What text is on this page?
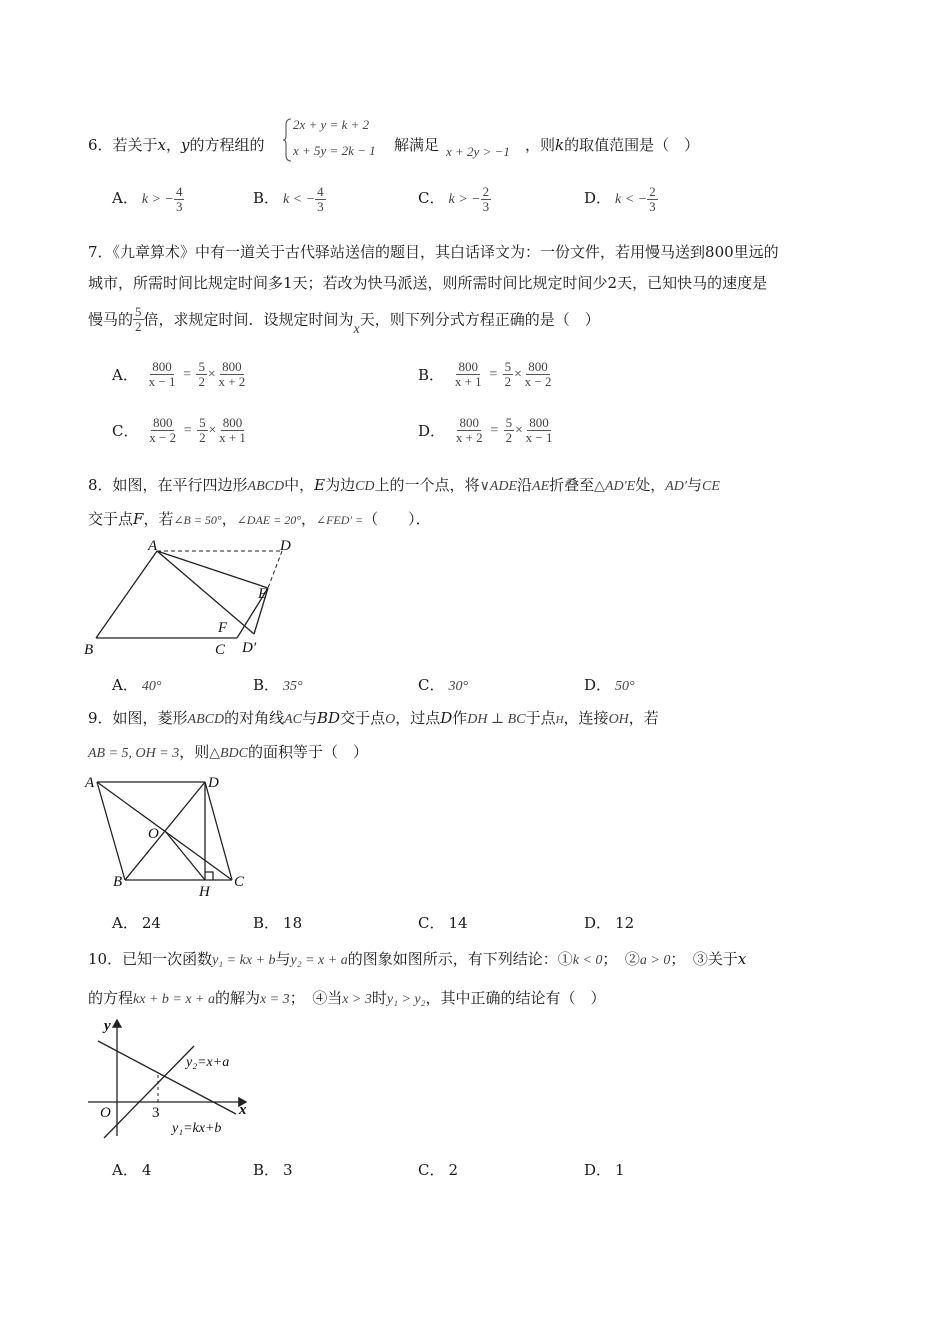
6．若关于x，y的方程组的
2x + y = k + 2
x + 5y = 2k − 1 解满足 x + 2y > −1 ，则k的取值范围是（　）
A． k > − $\frac{4}{3}$	B． k < − $\frac{4}{3}$	C． k > − $\frac{2}{3}$	D． k < − $\frac{2}{3}$
7．《九章算术》中有一道关于古代驿站送信的题目，其白话译文为：一份文件，若用慢马送到800里远的
城市，所需时间比规定时间多1天；若改为快马派送，则所需时间比规定时间少2天，已知快马的速度是
慢马的 $\frac{5}{2}$ 倍，求规定时间．设规定时间为x天，则下列分式方程正确的是（　）
A． $\frac{800}{x - 1} = \frac{5}{2} \times \frac{800}{x + 2}$	B． $\frac{800}{x + 1} = \frac{5}{2} \times \frac{800}{x - 2}$
C． $\frac{800}{x - 2} = \frac{5}{2} \times \frac{800}{x + 1}$	D． $\frac{800}{x + 2} = \frac{5}{2} \times \frac{800}{x - 1}$
8．如图，在平行四边形ABCD中，E为边CD上的一个点，将∨ADE沿AE折叠至△AD′E处，AD′与CE
交于点F，若∠B = 50°，∠DAE = 20°，∠FED′ =（　　）．
A
B	C
D
E
F
D′
A． 40°	B． 35°	C． 30°	D． 50°
9．如图，菱形ABCD的对角线AC与BD交于点O，过点D作DH ⊥ BC于点H，连接OH，若
AB = 5, OH = 3，则△BDC的面积等于（　）
A	D
O
B	C
H
A． 24	B． 18	C． 14	D． 12
10．已知一次函数y₁ = kx + b与y₂ = x + a的图象如图所示，有下列结论：①k < 0；　②a > 0；　③关于x
的方程kx + b = x + a的解为x = 3；　④当x > 3时y₁ > y₂，其中正确的结论有（　）
y
x
O	3
y₂=x+a
y₁=kx+b
A． 4	B． 3	C． 2	D． 1
